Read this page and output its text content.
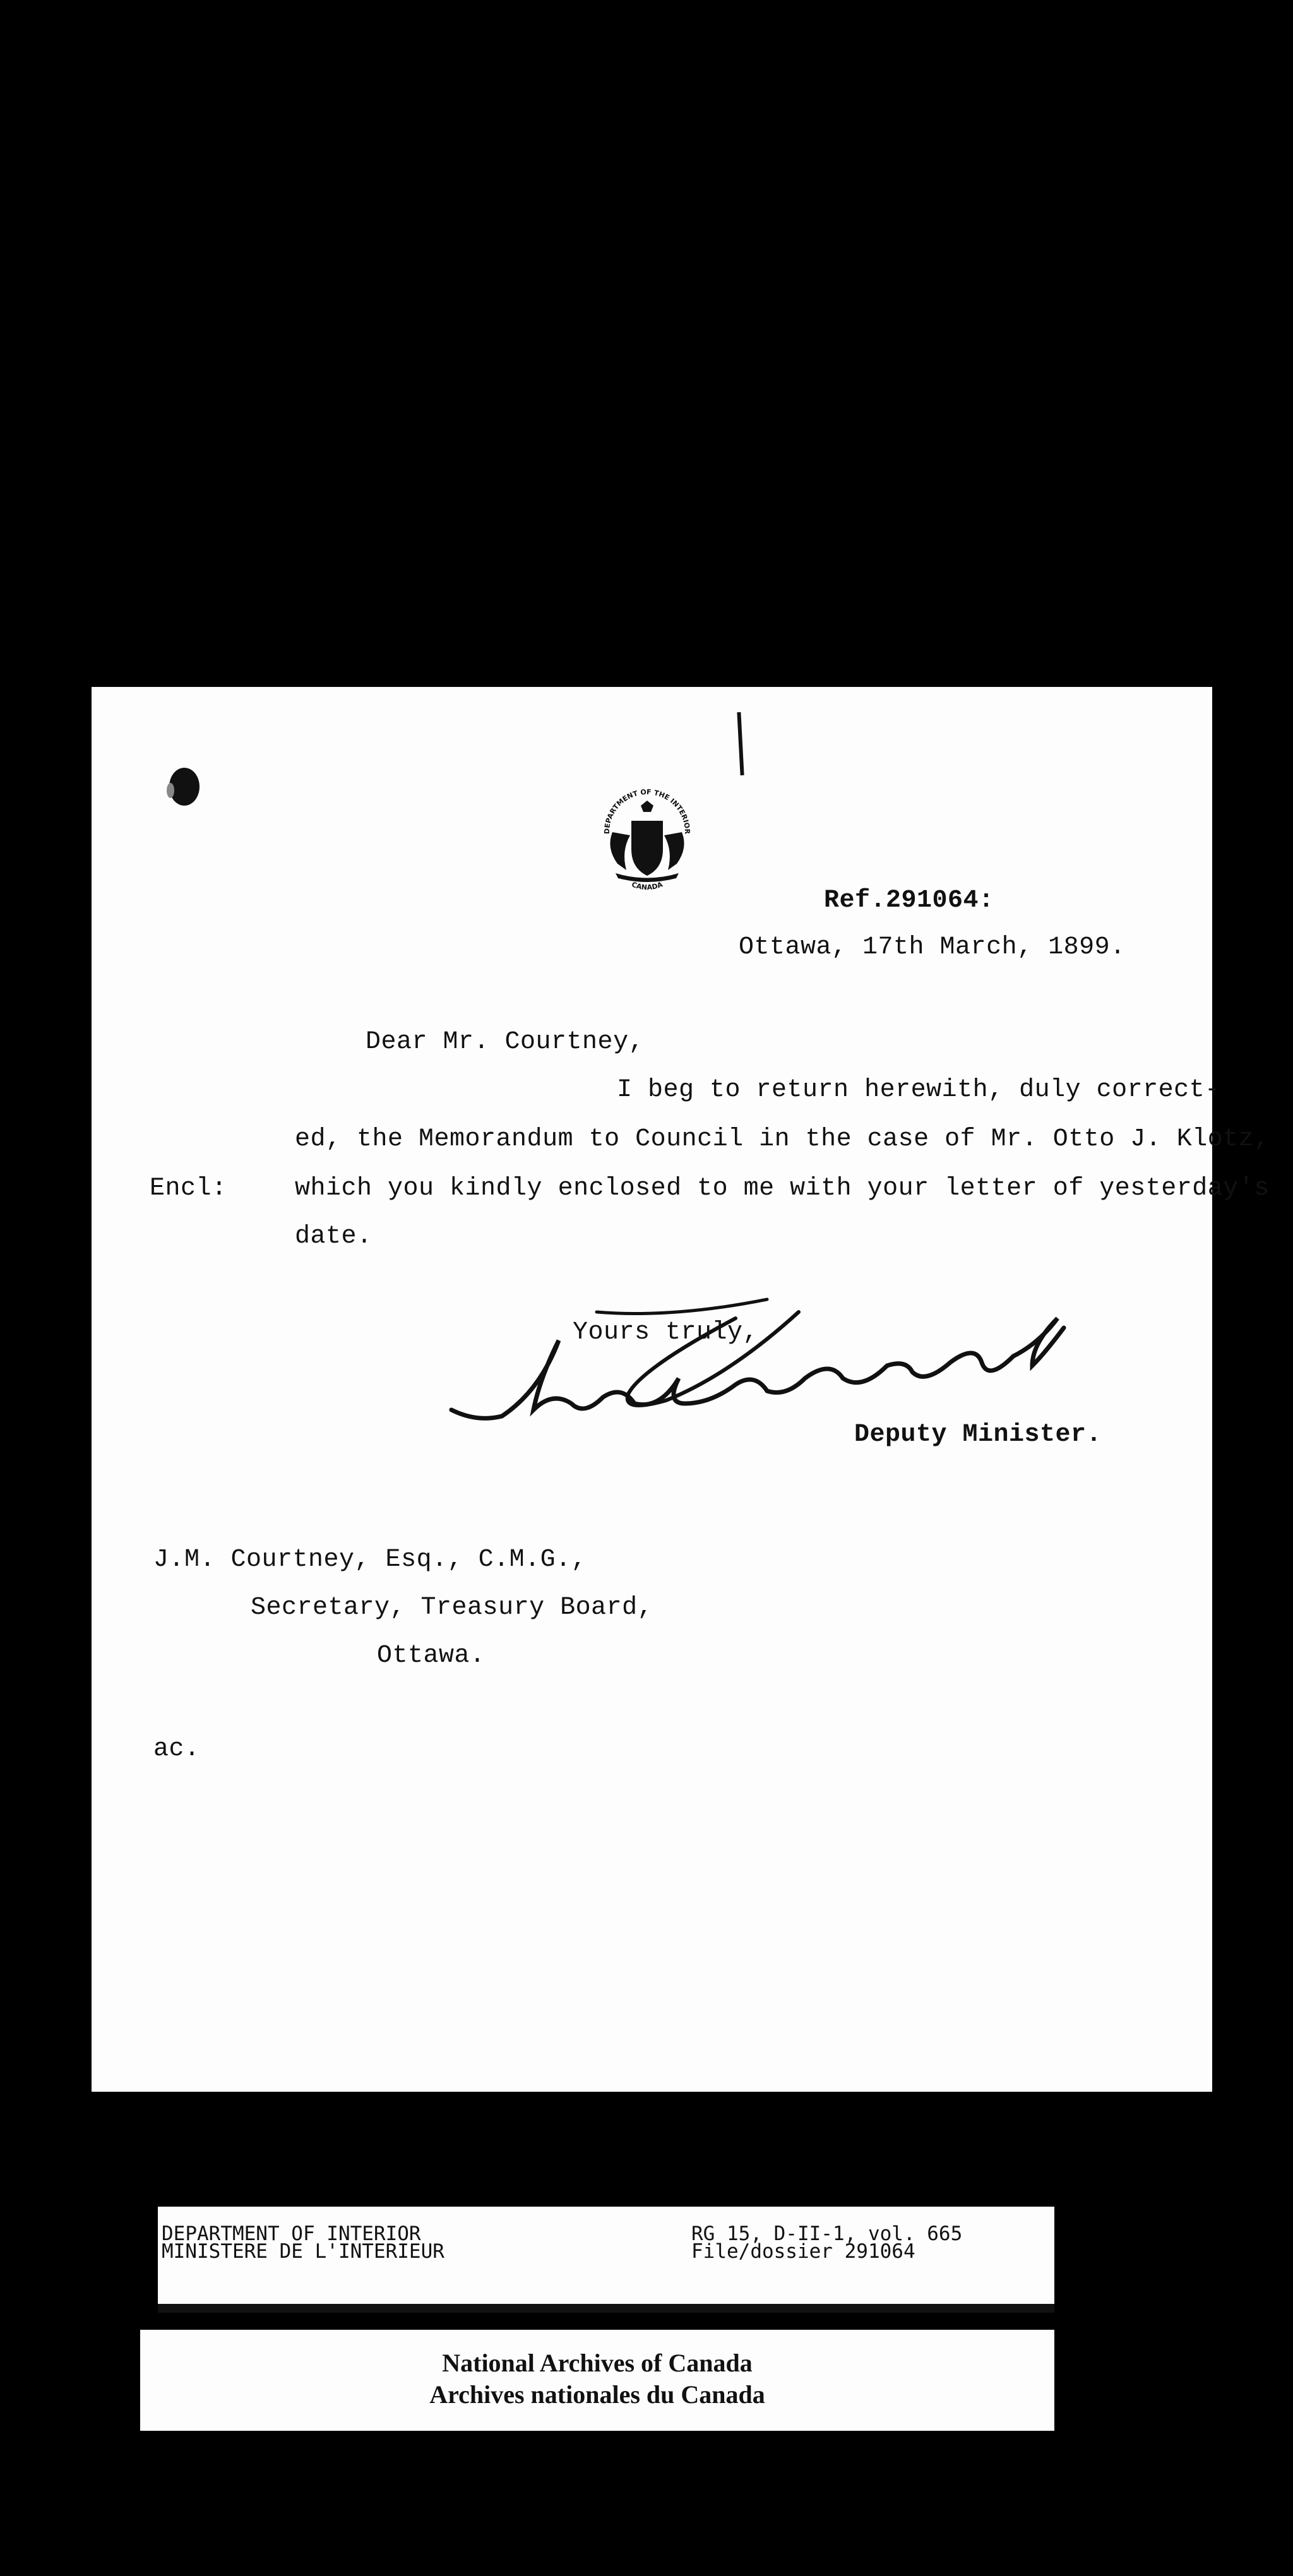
DEPARTMENT OF THE INTERIOR
CANADA
Ref.291064:
Ottawa, 17th March, 1899.
Dear Mr. Courtney,
I beg to return herewith, duly correct-
ed, the Memorandum to Council in the case of Mr. Otto J. Klotz,
Encl:	which you kindly enclosed to me with your letter of yesterday's
date.
Yours truly,
Deputy Minister.
J.M. Courtney, Esq., C.M.G.,
Secretary, Treasury Board,
Ottawa.
ac.
DEPARTMENT OF INTERIOR
MINISTERE DE L'INTERIEUR
RG 15, D-II-1, vol. 665
File/dossier 291064
National Archives of Canada
Archives nationales du Canada
